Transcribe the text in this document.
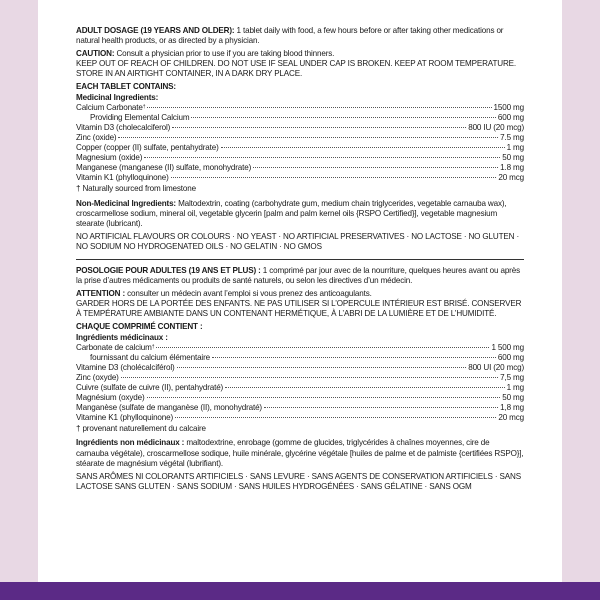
ADULT DOSAGE (19 YEARS AND OLDER): 1 tablet daily with food, a few hours before or after taking other medications or natural health products, or as directed by a physician.

CAUTION: Consult a physician prior to use if you are taking blood thinners.
KEEP OUT OF REACH OF CHILDREN. DO NOT USE IF SEAL UNDER CAP IS BROKEN. KEEP AT ROOM TEMPERATURE. STORE IN AN AIRTIGHT CONTAINER, IN A DARK DRY PLACE.

EACH TABLET CONTAINS:
Medicinal Ingredients:
Calcium Carbonate†	1500 mg
Providing Elemental Calcium	600 mg
Vitamin D3 (cholecalciferol)	800 IU (20 mcg)
Zinc (oxide)	7.5 mg
Copper (copper (II) sulfate, pentahydrate)	1 mg
Magnesium (oxide)	50 mg
Manganese (manganese (II) sulfate, monohydrate)	1.8 mg
Vitamin K1 (phylloquinone)	20 mcg
† Naturally sourced from limestone

Non-Medicinal Ingredients: Maltodextrin, coating (carbohydrate gum, medium chain triglycerides, vegetable carnauba wax), croscarmellose sodium, mineral oil, vegetable glycerin [palm and palm kernel oils {RSPO Certified}], vegetable magnesium stearate (lubricant).

NO ARTIFICIAL FLAVOURS OR COLOURS · NO YEAST · NO ARTIFICIAL PRESERVATIVES · NO LACTOSE · NO GLUTEN · NO SODIUM NO HYDROGENATED OILS · NO GELATIN · NO GMOS

POSOLOGIE POUR ADULTES (19 ANS ET PLUS) : 1 comprimé par jour avec de la nourriture, quelques heures avant ou après la prise d’autres médicaments ou produits de santé naturels, ou selon les directives d’un médecin.

ATTENTION : consulter un médecin avant l’emploi si vous prenez des anticoagulants.
GARDER HORS DE LA PORTÉE DES ENFANTS. NE PAS UTILISER SI L’OPERCULE INTÉRIEUR EST BRISÉ. CONSERVER À TEMPÉRATURE AMBIANTE DANS UN CONTENANT HERMÉTIQUE, À L’ABRI DE LA LUMIÈRE ET DE L’HUMIDITÉ.

CHAQUE COMPRIMÉ CONTIENT :
Ingrédients médicinaux :
Carbonate de calcium†	1 500 mg
fournissant du calcium élémentaire	600 mg
Vitamine D3 (cholécalciférol)	800 UI (20 mcg)
Zinc (oxyde)	7,5 mg
Cuivre (sulfate de cuivre (II), pentahydraté)	1 mg
Magnésium (oxyde)	50 mg
Manganèse (sulfate de manganèse (II), monohydraté)	1,8 mg
Vitamine K1 (phylloquinone)	20 mcg
† provenant naturellement du calcaire

Ingrédients non médicinaux : maltodextrine, enrobage (gomme de glucides, triglycérides à chaînes moyennes, cire de carnauba végétale), croscarmellose sodique, huile minérale, glycérine végétale [huiles de palme et de palmiste {certifiées RSPO}], stéarate de magnésium végétal (lubrifiant).

SANS ARÔMES NI COLORANTS ARTIFICIELS · SANS LEVURE · SANS AGENTS DE CONSERVATION ARTIFICIELS · SANS LACTOSE SANS GLUTEN · SANS SODIUM · SANS HUILES HYDROGÉNÉES · SANS GÉLATINE · SANS OGM
